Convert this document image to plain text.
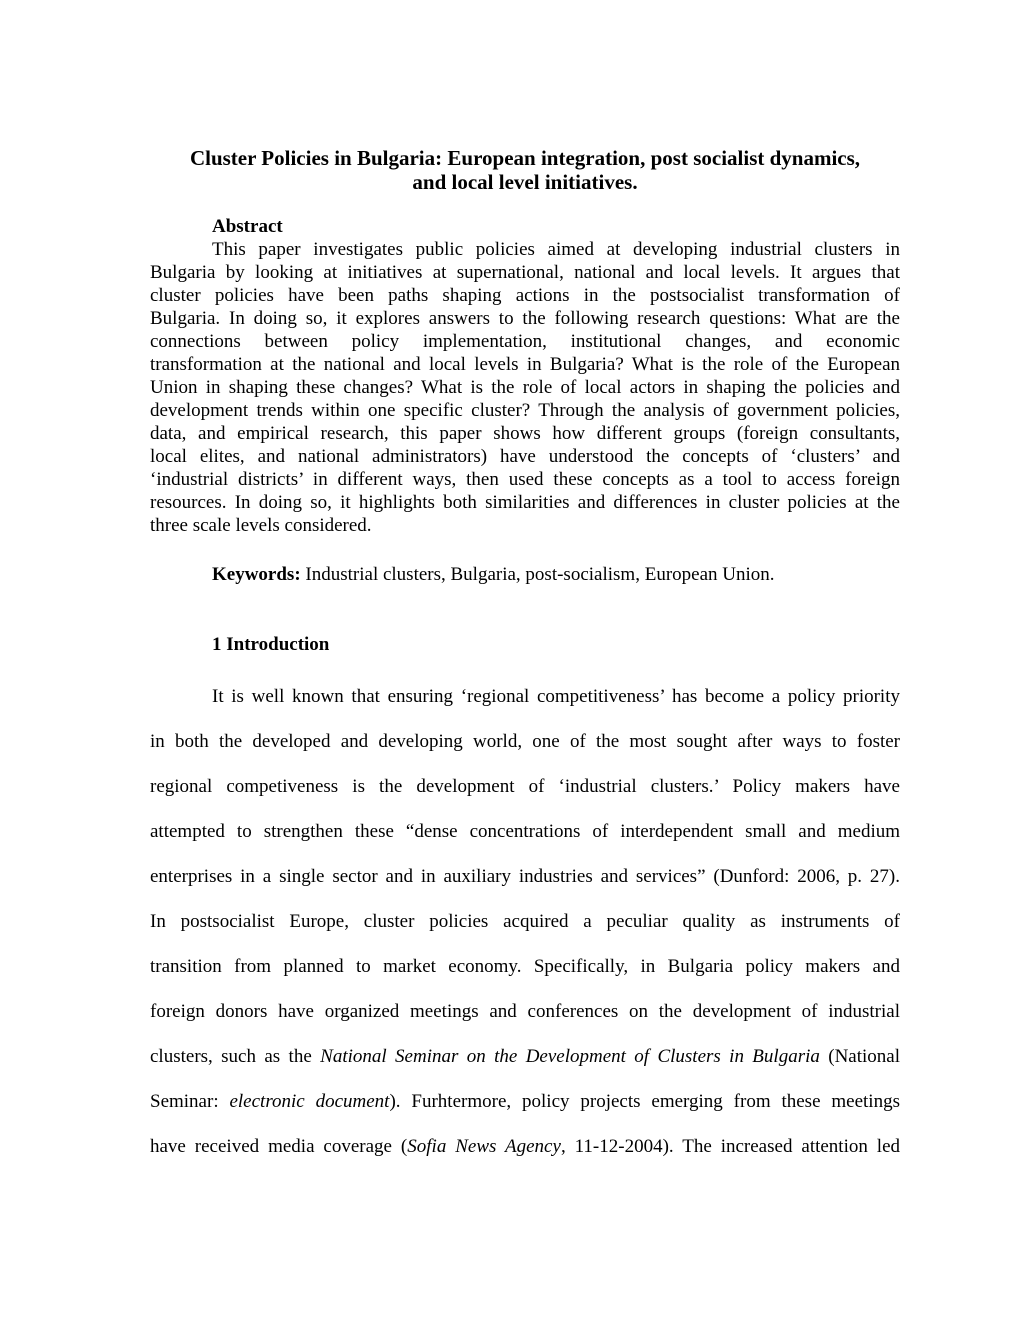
Cluster Policies in Bulgaria: European integration, post socialist dynamics,
and local level initiatives.
Abstract
This paper investigates public policies aimed at developing industrial clusters in
Bulgaria by looking at initiatives at supernational, national and local levels. It argues that
cluster policies have been paths shaping actions in the postsocialist transformation of
Bulgaria. In doing so, it explores answers to the following research questions: What are the
connections between policy implementation, institutional changes, and economic
transformation at the national and local levels in Bulgaria? What is the role of the European
Union in shaping these changes? What is the role of local actors in shaping the policies and
development trends within one specific cluster? Through the analysis of government policies,
data, and empirical research, this paper shows how different groups (foreign consultants,
local elites, and national administrators) have understood the concepts of ‘clusters’ and
‘industrial districts’ in different ways, then used these concepts as a tool to access foreign
resources. In doing so, it highlights both similarities and differences in cluster policies at the
three scale levels considered.
Keywords: Industrial clusters, Bulgaria, post-socialism, European Union.
1 Introduction
It is well known that ensuring ‘regional competitiveness’ has become a policy priority
in both the developed and developing world, one of the most sought after ways to foster
regional competiveness is the development of ‘industrial clusters.’ Policy makers have
attempted to strengthen these “dense concentrations of interdependent small and medium
enterprises in a single sector and in auxiliary industries and services” (Dunford: 2006, p. 27).
In postsocialist Europe, cluster policies acquired a peculiar quality as instruments of
transition from planned to market economy. Specifically, in Bulgaria policy makers and
foreign donors have organized meetings and conferences on the development of industrial
clusters, such as the National Seminar on the Development of Clusters in Bulgaria (National
Seminar: electronic document). Furhtermore, policy projects emerging from these meetings
have received media coverage (Sofia News Agency, 11-12-2004). The increased attention led
